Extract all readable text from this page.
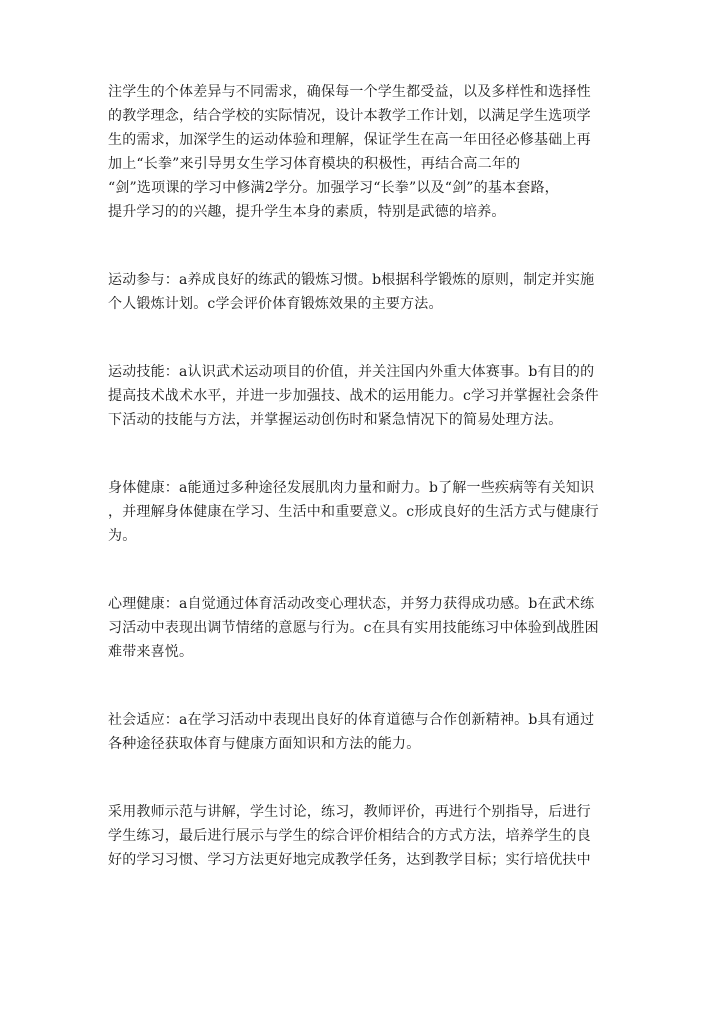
注学生的个体差异与不同需求，确保每一个学生都受益，以及多样性和选择性
的教学理念，结合学校的实际情况，设计本教学工作计划，以满足学生选项学
生的需求，加深学生的运动体验和理解，保证学生在高一年田径必修基础上再
加上“长拳”来引导男女生学习体育模块的积极性，再结合高二年的
“剑”选项课的学习中修满2学分。加强学习“长拳”以及“剑”的基本套路，
提升学习的的兴趣，提升学生本身的素质，特别是武德的培养。
运动参与：a养成良好的练武的锻炼习惯。b根据科学锻炼的原则，制定并实施
个人锻炼计划。c学会评价体育锻炼效果的主要方法。
运动技能：a认识武术运动项目的价值，并关注国内外重大体赛事。b有目的的
提高技术战术水平，并进一步加强技、战术的运用能力。c学习并掌握社会条件
下活动的技能与方法，并掌握运动创伤时和紧急情况下的简易处理方法。
身体健康：a能通过多种途径发展肌肉力量和耐力。b了解一些疾病等有关知识
，并理解身体健康在学习、生活中和重要意义。c形成良好的生活方式与健康行
为。
心理健康：a自觉通过体育活动改变心理状态，并努力获得成功感。b在武术练
习活动中表现出调节情绪的意愿与行为。c在具有实用技能练习中体验到战胜困
难带来喜悦。
社会适应：a在学习活动中表现出良好的体育道德与合作创新精神。b具有通过
各种途径获取体育与健康方面知识和方法的能力。
采用教师示范与讲解，学生讨论，练习，教师评价，再进行个别指导，后进行
学生练习，最后进行展示与学生的综合评价相结合的方式方法，培养学生的良
好的学习习惯、学习方法更好地完成教学任务，达到教学目标；实行培优扶中
